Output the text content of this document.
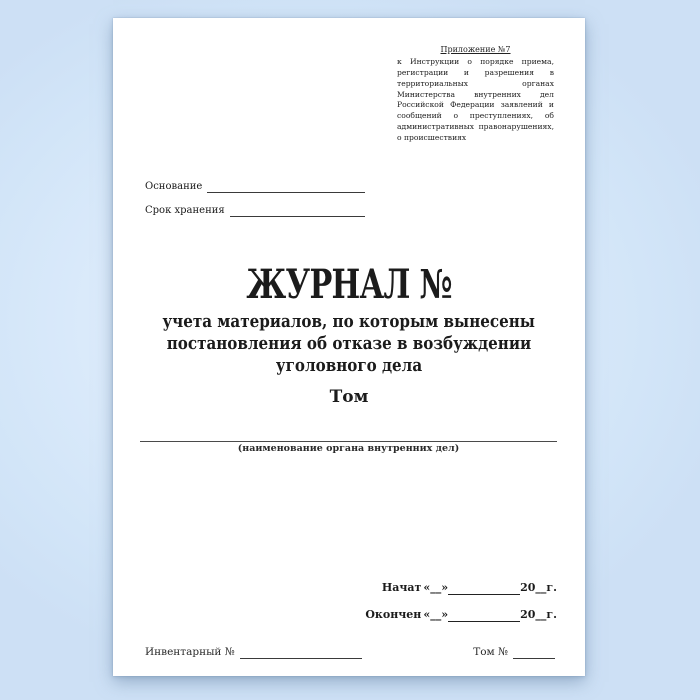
Приложение №7
к Инструкции о порядке приема, регистрации и разрешения в территориальных органах Министерства внутренних дел Российской Федерации заявлений и сообщений о преступлениях, об административных правонарушениях, о происшествиях
Основание
Срок хранения
ЖУРНАЛ №
учета материалов, по которым вынесены
постановления об отказе в возбуждении
уголовного дела
Том
(наименование органа внутренних дел)
Начат «__»	20__г.
Окончен «__»	20__г.
Инвентарный №	Том №
